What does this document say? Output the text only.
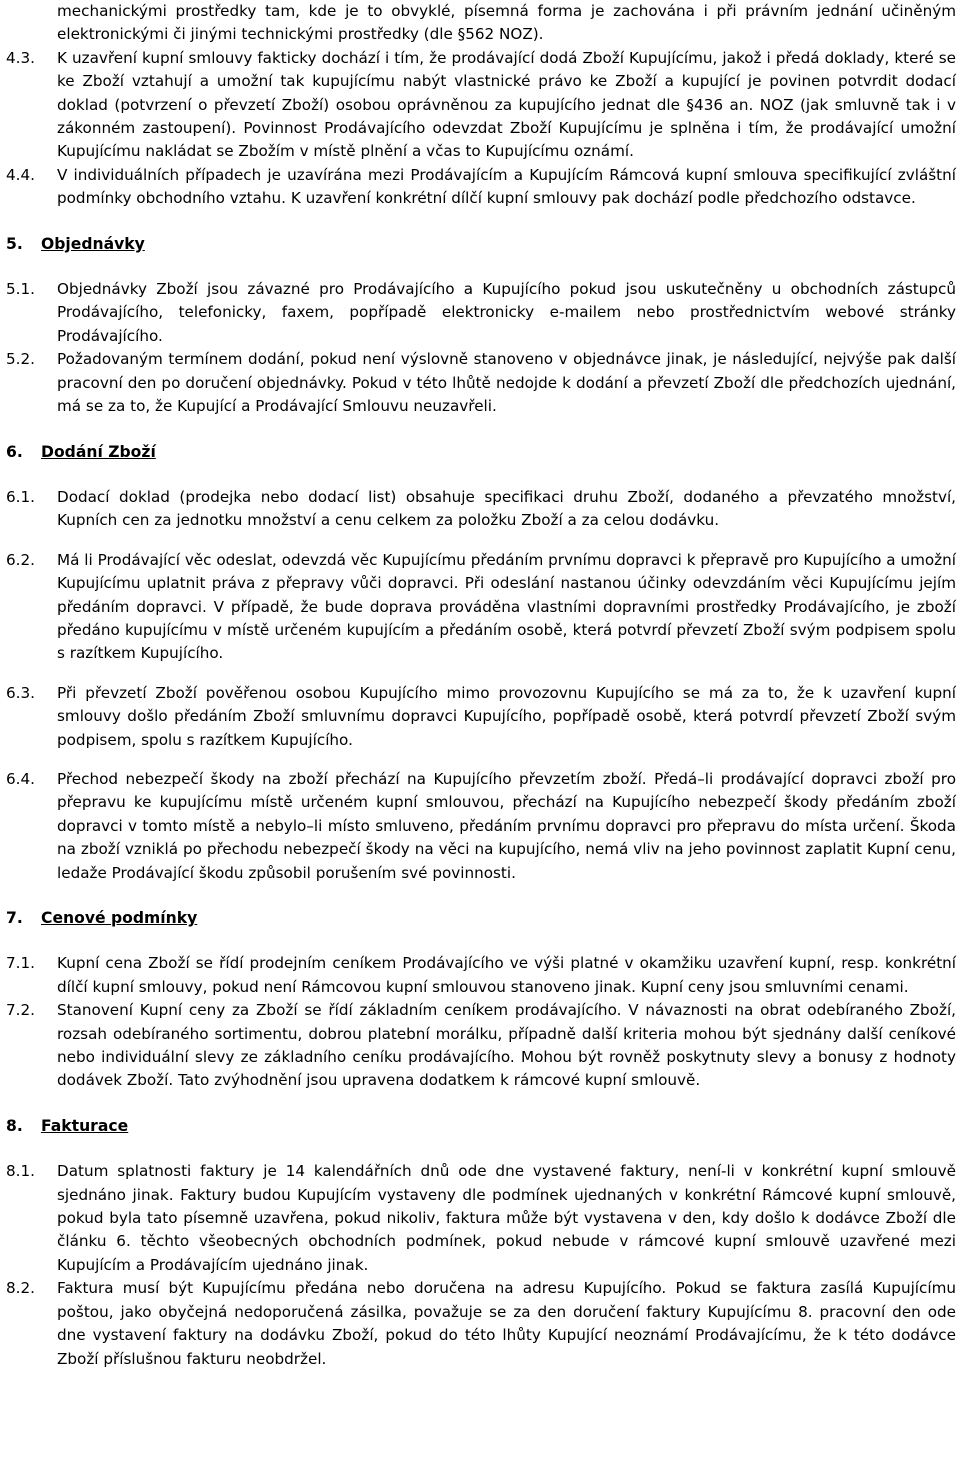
mechanickými prostředky tam, kde je to obvyklé, písemná forma je zachována i při právním jednání učiněným elektronickými či jinými technickými prostředky (dle §562 NOZ).
4.3.	K uzavření kupní smlouvy fakticky dochází i tím, že prodávající dodá Zboží Kupujícímu, jakož i předá doklady, které se ke Zboží vztahují a umožní tak kupujícímu nabýt vlastnické právo ke Zboží a kupující je povinen potvrdit dodací doklad (potvrzení o převzetí Zboží) osobou oprávněnou za kupujícího jednat dle §436 an. NOZ (jak smluvně tak i v zákonném zastoupení). Povinnost Prodávajícího odevzdat Zboží Kupujícímu je splněna i tím, že prodávající umožní Kupujícímu nakládat se Zbožím v místě plnění a včas to Kupujícímu oznámí.
4.4.	V individuálních případech je uzavírána mezi Prodávajícím a Kupujícím Rámcová kupní smlouva specifikující zvláštní podmínky obchodního vztahu. K uzavření konkrétní dílčí kupní smlouvy pak dochází podle předchozího odstavce.
5.	Objednávky
5.1.	Objednávky Zboží jsou závazné pro Prodávajícího a Kupujícího pokud jsou uskutečněny u obchodních zástupců Prodávajícího, telefonicky, faxem, popřípadě elektronicky e-mailem nebo prostřednictvím webové stránky Prodávajícího.
5.2.	Požadovaným termínem dodání, pokud není výslovně stanoveno v objednávce jinak, je následující, nejvýše pak další pracovní den po doručení objednávky. Pokud v této lhůtě nedojde k dodání a převzetí Zboží dle předchozích ujednání, má se za to, že Kupující a Prodávající Smlouvu neuzavřeli.
6.	Dodání Zboží
6.1.	Dodací doklad (prodejka nebo dodací list) obsahuje specifikaci druhu Zboží, dodaného a převzatého množství, Kupních cen za jednotku množství a cenu celkem za položku Zboží a za celou dodávku.
6.2.	Má li Prodávající věc odeslat, odevzdá věc Kupujícímu předáním prvnímu dopravci k přepravě pro Kupujícího a umožní Kupujícímu uplatnit práva z přepravy vůči dopravci. Při odeslání nastanou účinky odevzdáním věci Kupujícímu jejím předáním dopravci. V případě, že bude doprava prováděna vlastními dopravními prostředky Prodávajícího, je zboží předáno kupujícímu v místě určeném kupujícím a předáním osobě, která potvrdí převzetí Zboží svým podpisem spolu s razítkem Kupujícího.
6.3.	Při převzetí Zboží pověřenou osobou Kupujícího mimo provozovnu Kupujícího se má za to, že k uzavření kupní smlouvy došlo předáním Zboží smluvnímu dopravci Kupujícího, popřípadě osobě, která potvrdí převzetí Zboží svým podpisem, spolu s razítkem Kupujícího.
6.4.	Přechod nebezpečí škody na zboží přechází na Kupujícího převzetím zboží. Předá–li prodávající dopravci zboží pro přepravu ke kupujícímu místě určeném kupní smlouvou, přechází na Kupujícího nebezpečí škody předáním zboží dopravci v tomto místě a nebylo–li místo smluveno, předáním prvnímu dopravci pro přepravu do místa určení. Škoda na zboží vzniklá po přechodu nebezpečí škody na věci na kupujícího, nemá vliv na jeho povinnost zaplatit Kupní cenu, ledaže Prodávající škodu způsobil porušením své povinnosti.
7.	Cenové podmínky
7.1.	Kupní cena Zboží se řídí prodejním ceníkem Prodávajícího ve výši platné v okamžiku uzavření kupní, resp. konkrétní dílčí kupní smlouvy, pokud není Rámcovou kupní smlouvou stanoveno jinak. Kupní ceny jsou smluvními cenami.
7.2.	Stanovení Kupní ceny za Zboží se řídí základním ceníkem prodávajícího. V návaznosti na obrat odebíraného Zboží, rozsah odebíraného sortimentu, dobrou platební morálku, případně další kriteria mohou být sjednány další ceníkové nebo individuální slevy ze základního ceníku prodávajícího. Mohou být rovněž poskytnuty slevy a bonusy z hodnoty dodávek Zboží. Tato zvýhodnění jsou upravena dodatkem k rámcové kupní smlouvě.
8.	Fakturace
8.1.	Datum splatnosti faktury je 14 kalendářních dnů ode dne vystavené faktury, není-li v konkrétní kupní smlouvě sjednáno jinak. Faktury budou Kupujícím vystaveny dle podmínek ujednaných v konkrétní Rámcové kupní smlouvě, pokud byla tato písemně uzavřena, pokud nikoliv, faktura může být vystavena v den, kdy došlo k dodávce Zboží dle článku 6. těchto všeobecných obchodních podmínek, pokud nebude v rámcové kupní smlouvě uzavřené mezi Kupujícím a Prodávajícím ujednáno jinak.
8.2.	Faktura musí být Kupujícímu předána nebo doručena na adresu Kupujícího. Pokud se faktura zasílá Kupujícímu poštou, jako obyčejná nedoporučená zásilka, považuje se za den doručení faktury Kupujícímu 8. pracovní den ode dne vystavení faktury na dodávku Zboží, pokud do této lhůty Kupující neoznámí Prodávajícímu, že k této dodávce Zboží příslušnou fakturu neobdržel.
